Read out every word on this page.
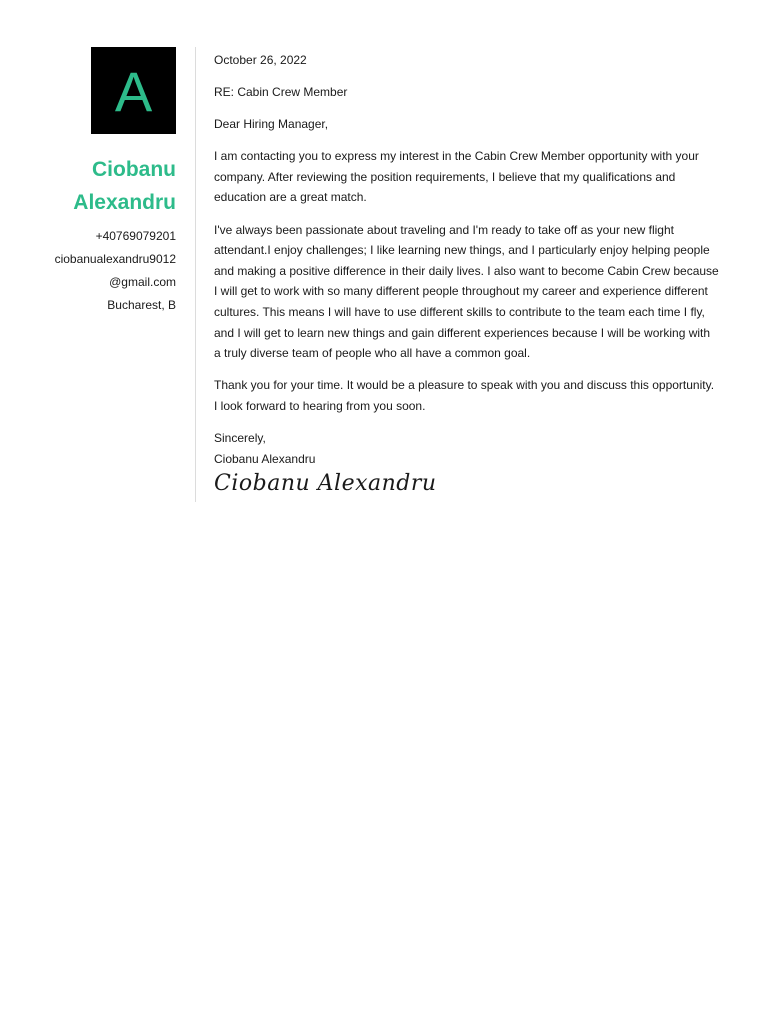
A
Ciobanu
Alexandru
+40769079201
ciobanualexandru9012
@gmail.com
Bucharest, B

October 26, 2022

RE: Cabin Crew Member

Dear Hiring Manager,

I am contacting you to express my interest in the Cabin Crew Member opportunity with your company. After reviewing the position requirements, I believe that my qualifications and education are a great match.

I've always been passionate about traveling and I'm ready to take off as your new flight attendant.I enjoy challenges; I like learning new things, and I particularly enjoy helping people and making a positive difference in their daily lives. I also want to become Cabin Crew because I will get to work with so many different people throughout my career and experience different cultures. This means I will have to use different skills to contribute to the team each time I fly, and I will get to learn new things and gain different experiences because I will be working with a truly diverse team of people who all have a common goal.

Thank you for your time. It would be a pleasure to speak with you and discuss this opportunity. I look forward to hearing from you soon.

Sincerely,
Ciobanu Alexandru
Ciobanu Alexandru
